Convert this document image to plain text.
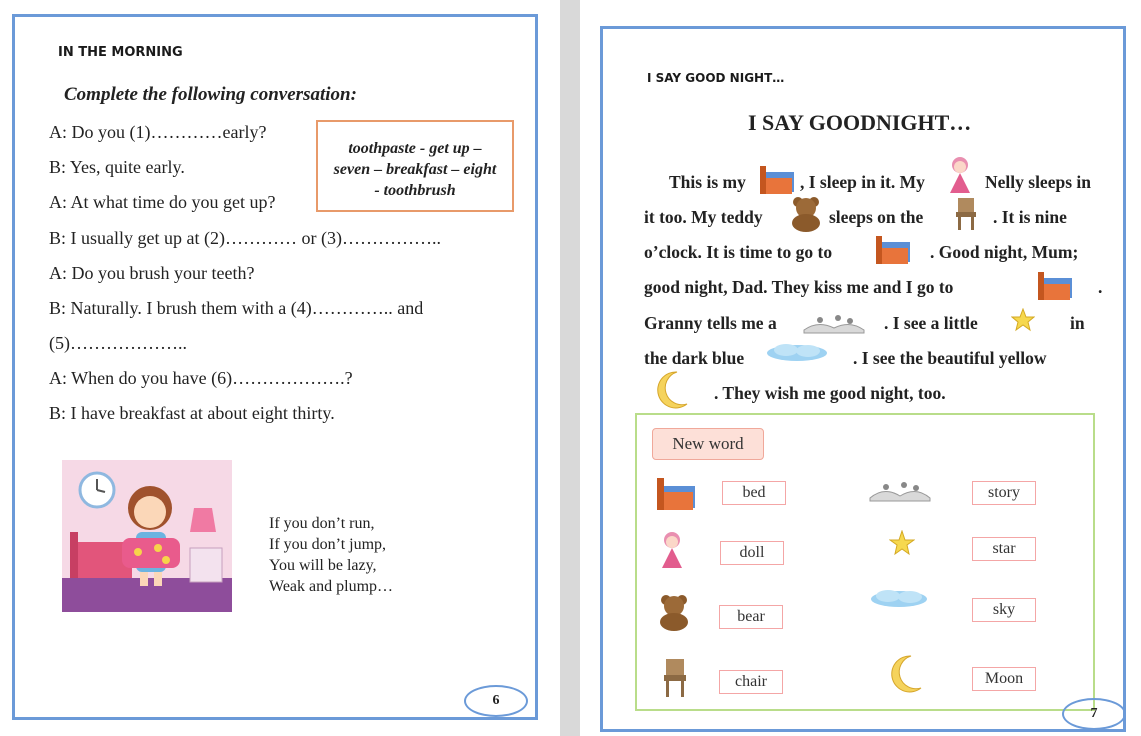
IN THE MORNING
Complete the following conversation:
A: Do you (1)…………early?
B: Yes, quite early.
A: At what time do you get up?
B: I usually get up at (2)………… or (3)……………..
A: Do you brush your teeth?
B: Naturally. I brush them with a (4)………….. and
(5)………………..
A: When do you have (6)……………….?
B: I have breakfast at about eight thirty.
toothpaste - get up –
seven – breakfast – eight
- toothbrush
If you don’t run,
If you don’t jump,
You will be lazy,
Weak and plump…
6
I SAY GOOD NIGHT…
I SAY GOODNIGHT…
This is my	, I sleep in it. My	Nelly sleeps in
it too. My teddy	sleeps on the	. It is nine
o’clock. It is time to go to	. Good night, Mum;
good night, Dad. They kiss me and I go to	.
Granny tells me a	. I see a little	in
the dark blue	. I see the beautiful yellow
. They wish me good night, too.
New word
bed
doll
bear
chair
story
star
sky
Moon
7
